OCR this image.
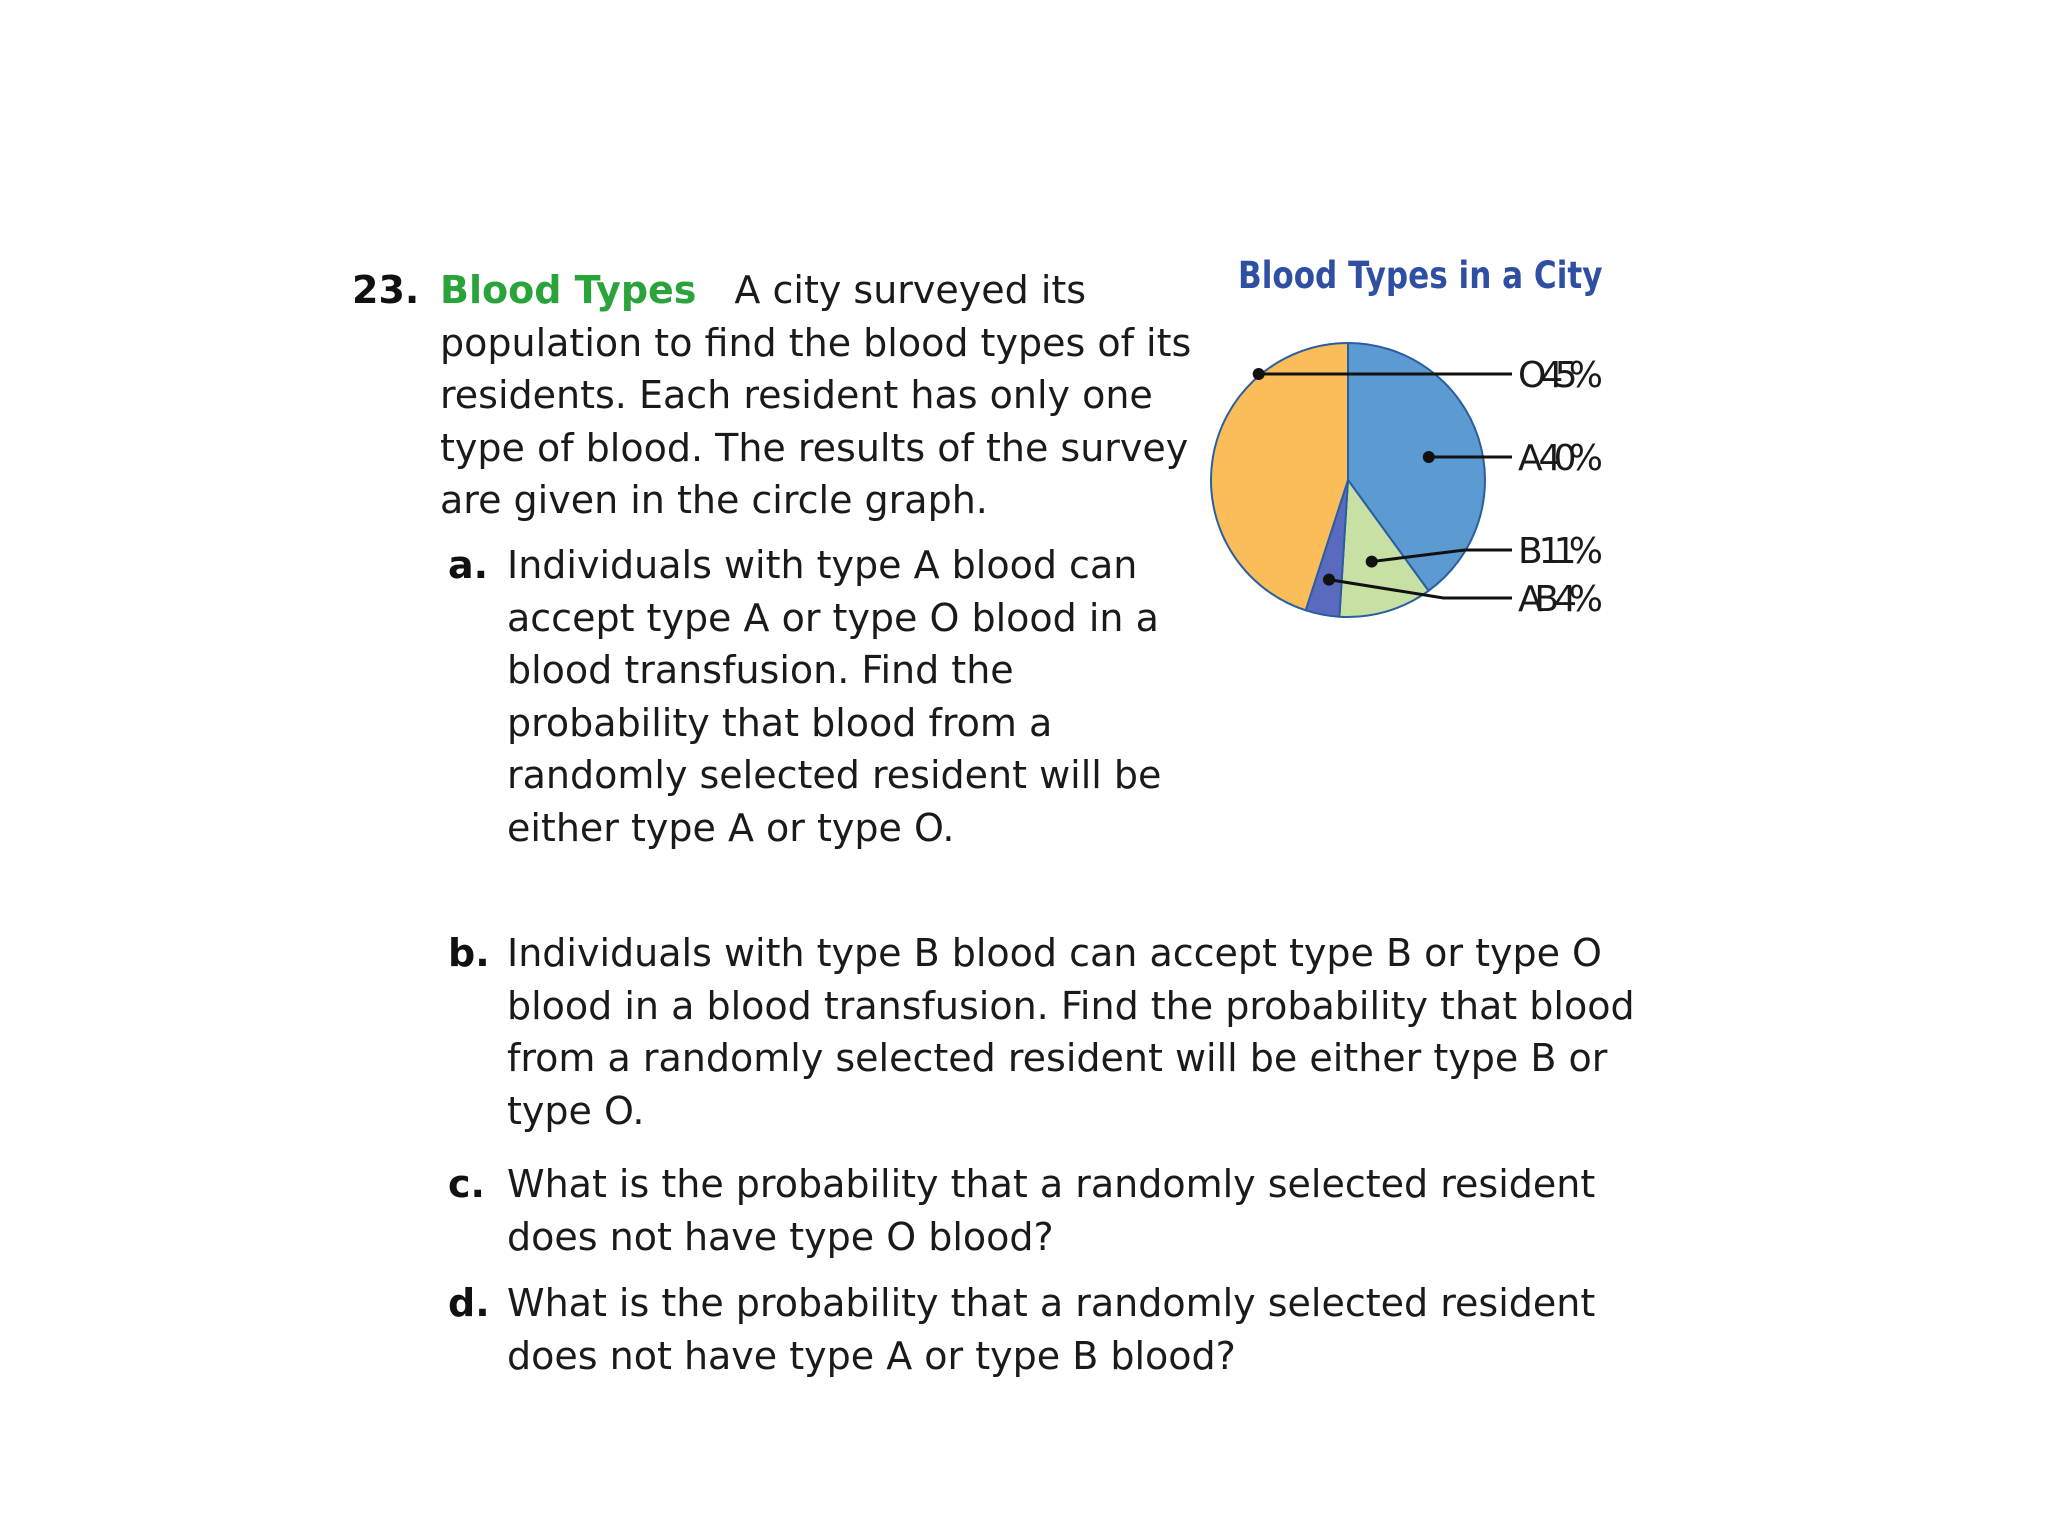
23. Blood Types A city surveyed its population to find the blood types of its residents. Each resident has only one type of blood. The results of the survey are given in the circle graph.
a. Individuals with type A blood can accept type A or type O blood in a blood transfusion. Find the probability that blood from a randomly selected resident will be either type A or type O.
b. Individuals with type B blood can accept type B or type O blood in a blood transfusion. Find the probability that blood from a randomly selected resident will be either type B or type O.
c. What is the probability that a randomly selected resident does not have type O blood?
d. What is the probability that a randomly selected resident does not have type A or type B blood?
Blood Types in a City
O 45%
A 40%
B 11%
AB 4%
